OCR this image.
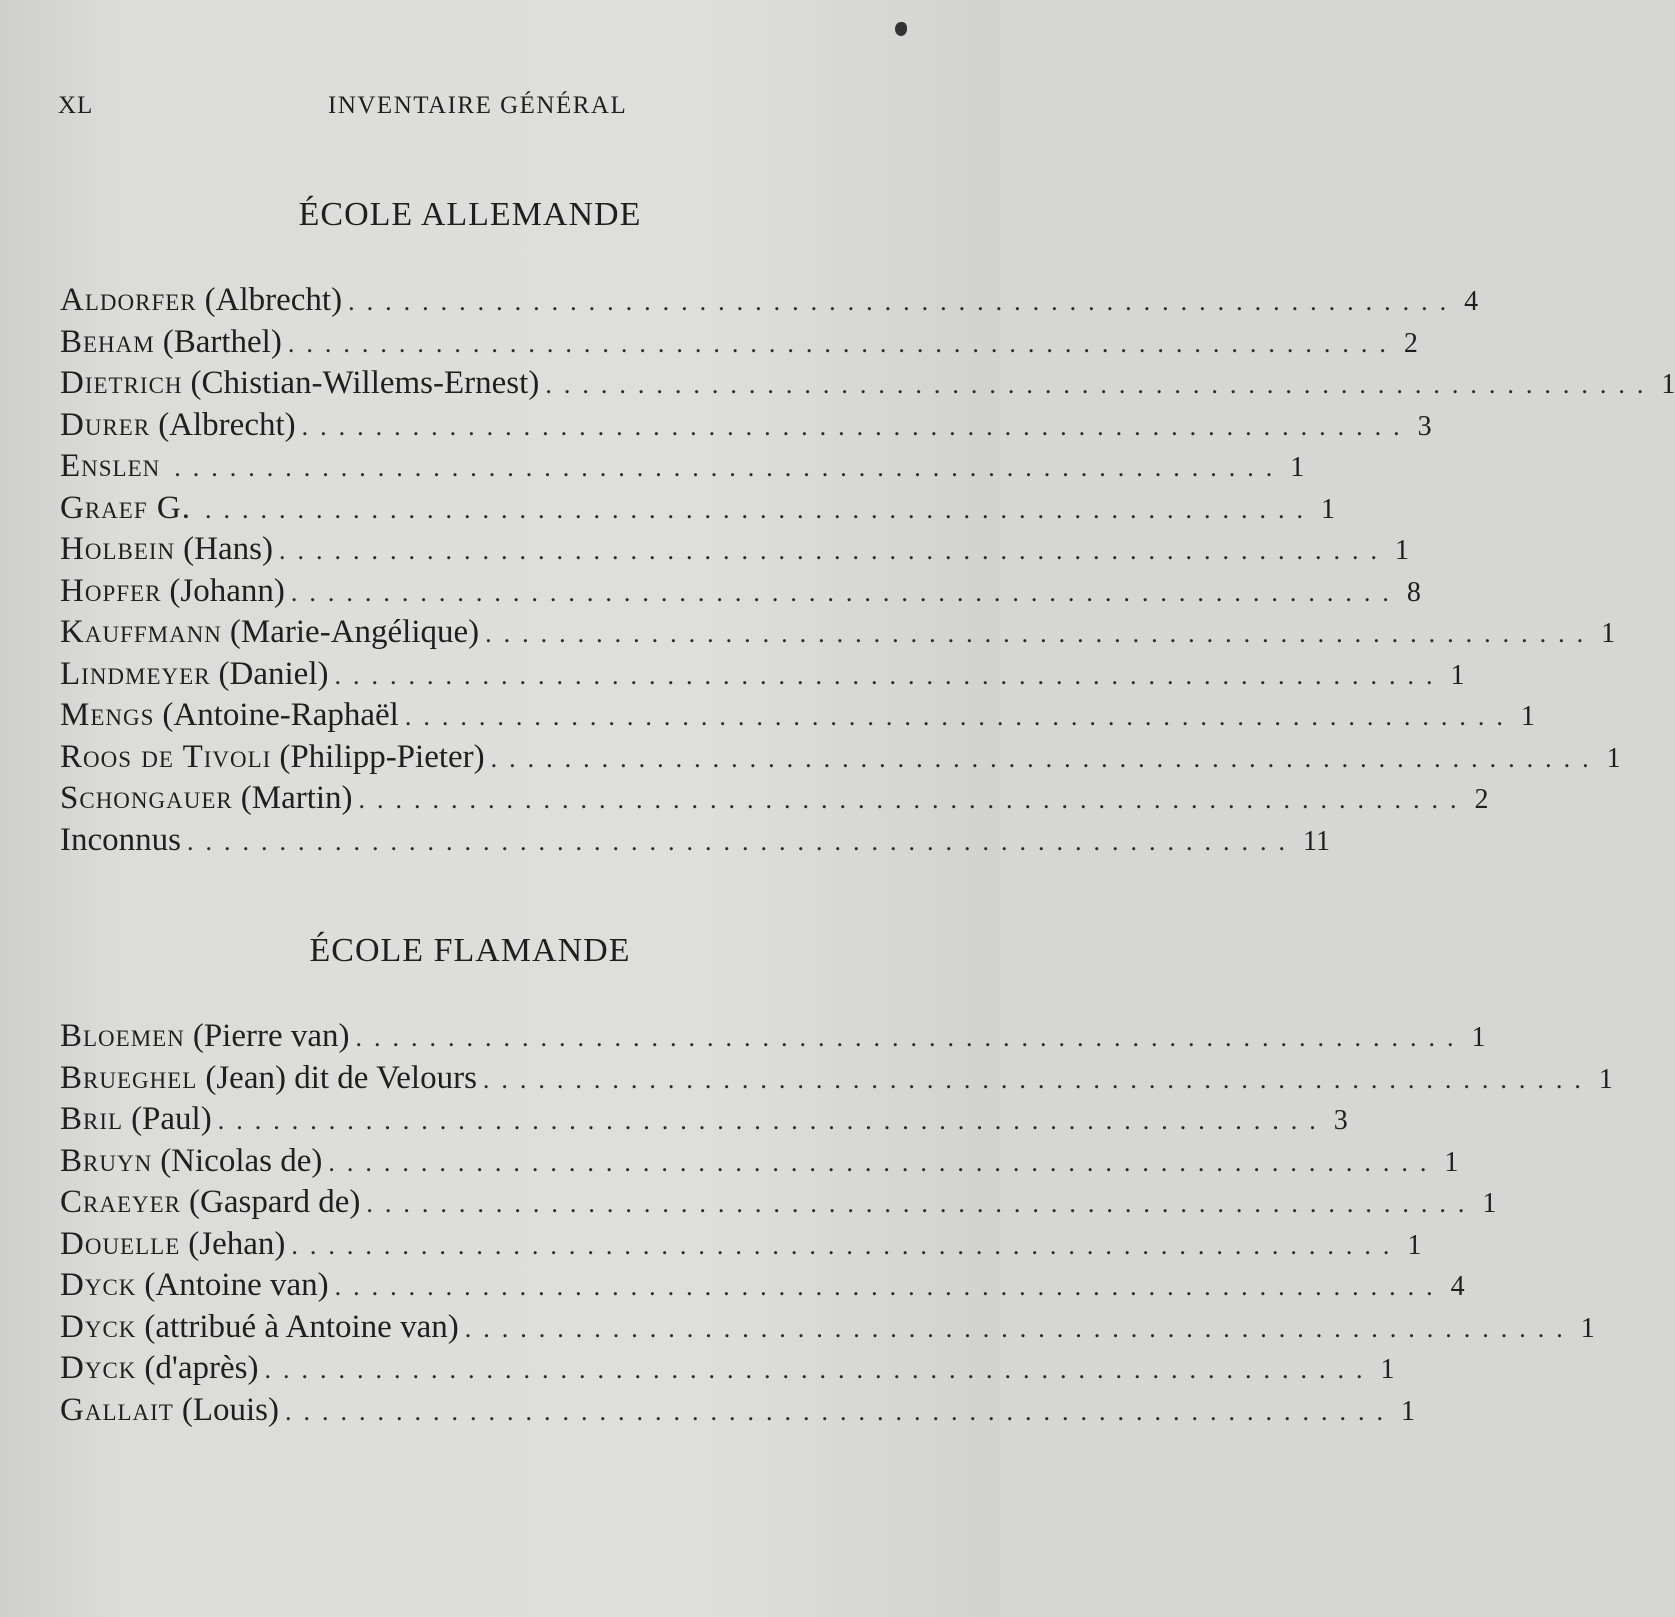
XL	INVENTAIRE GÉNÉRAL
ÉCOLE ALLEMANDE
Aldorfer (Albrecht) ............................................................ 4
Beham (Barthel) ............................................................ 2
Dietrich (Chistian-Willems-Ernest) ............................................................ 1
Durer (Albrecht) ............................................................ 3
Enslen ............................................................ 1
Graef G. ............................................................ 1
Holbein (Hans) ............................................................ 1
Hopfer (Johann) ............................................................ 8
Kauffmann (Marie-Angélique) ............................................................ 1
Lindmeyer (Daniel) ............................................................ 1
Mengs (Antoine-Raphaël ............................................................ 1
Roos de Tivoli (Philipp-Pieter) ............................................................ 1
Schongauer (Martin) ............................................................ 2
Inconnus ............................................................ 11
ÉCOLE FLAMANDE
Bloemen (Pierre van) ............................................................ 1
Brueghel (Jean) dit de Velours ............................................................ 1
Bril (Paul) ............................................................ 3
Bruyn (Nicolas de) ............................................................ 1
Craeyer (Gaspard de) ............................................................ 1
Douelle (Jehan) ............................................................ 1
Dyck (Antoine van) ............................................................ 4
Dyck (attribué à Antoine van) ............................................................ 1
Dyck (d'après) ............................................................ 1
Gallait (Louis) ............................................................ 1
